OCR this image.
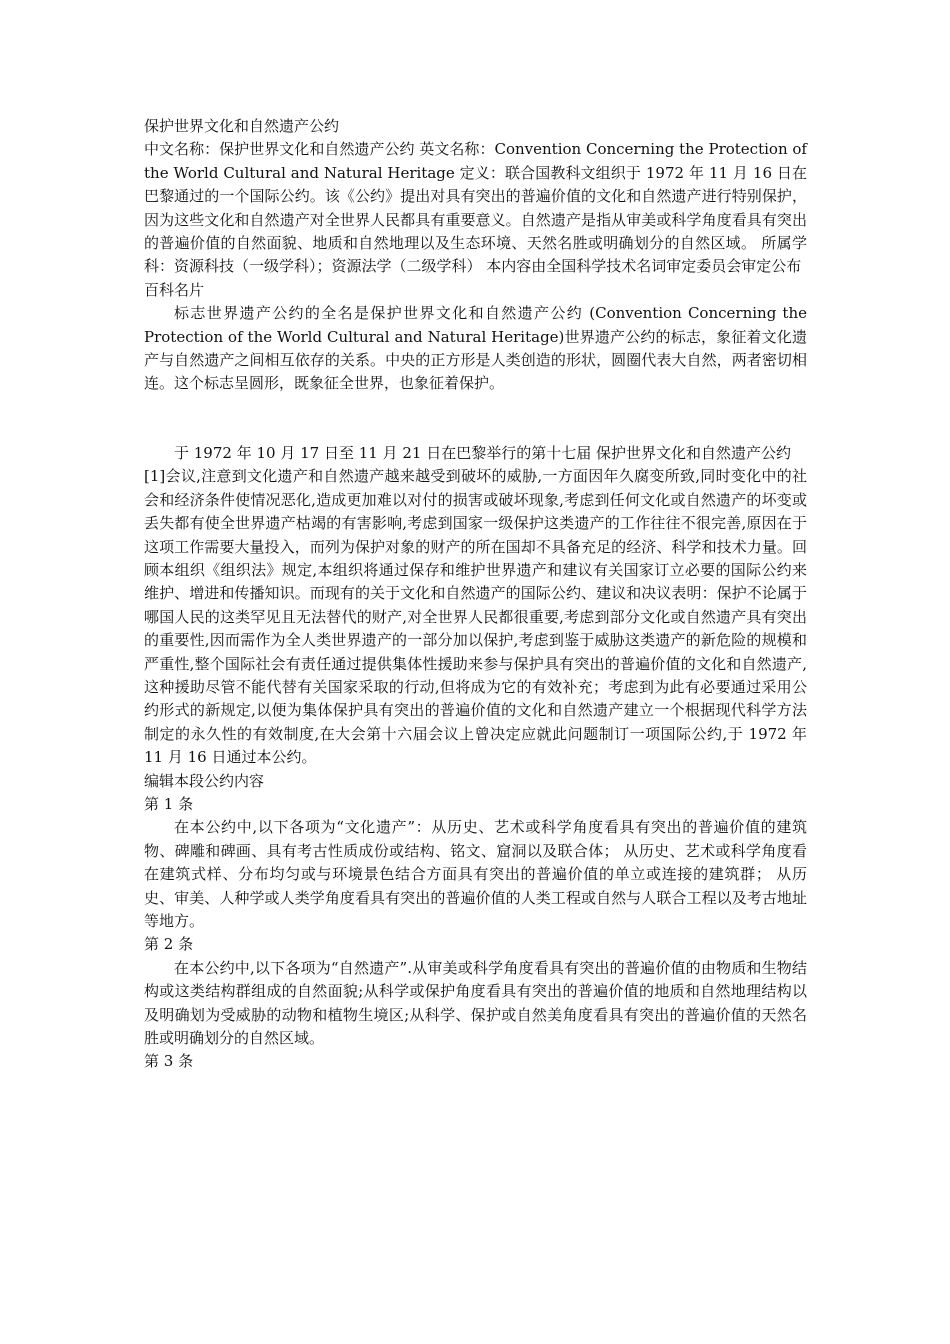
保护世界文化和自然遗产公约

中文名称：保护世界文化和自然遗产公约 英文名称：Convention Concerning the Protection of the World Cultural and Natural Heritage 定义：联合国教科文组织于 1972 年 11 月 16 日在巴黎通过的一个国际公约。该《公约》提出对具有突出的普遍价值的文化和自然遗产进行特别保护，因为这些文化和自然遗产对全世界人民都具有重要意义。自然遗产是指从审美或科学角度看具有突出的普遍价值的自然面貌、地质和自然地理以及生态环境、天然名胜或明确划分的自然区域。 所属学科：资源科技（一级学科）；资源法学（二级学科） 本内容由全国科学技术名词审定委员会审定公布

百科名片

标志世界遗产公约的全名是保护世界文化和自然遗产公约 (Convention Concerning the Protection of the World Cultural and Natural Heritage)世界遗产公约的标志，象征着文化遗产与自然遗产之间相互依存的关系。中央的正方形是人类创造的形状，圆圈代表大自然，两者密切相连。这个标志呈圆形，既象征全世界，也象征着保护。

于 1972 年 10 月 17 日至 11 月 21 日在巴黎举行的第十七届 保护世界文化和自然遗产公约

[1]会议,注意到文化遗产和自然遗产越来越受到破坏的威胁,一方面因年久腐变所致,同时变化中的社会和经济条件使情况恶化,造成更加难以对付的损害或破坏现象,考虑到任何文化或自然遗产的坏变或丢失都有使全世界遗产枯竭的有害影响,考虑到国家一级保护这类遗产的工作往往不很完善,原因在于这项工作需要大量投入，而列为保护对象的财产的所在国却不具备充足的经济、科学和技术力量。回顾本组织《组织法》规定,本组织将通过保存和维护世界遗产和建议有关国家订立必要的国际公约来维护、增进和传播知识。而现有的关于文化和自然遗产的国际公约、建议和决议表明：保护不论属于哪国人民的这类罕见且无法替代的财产,对全世界人民都很重要,考虑到部分文化或自然遗产具有突出的重要性,因而需作为全人类世界遗产的一部分加以保护,考虑到鉴于威胁这类遗产的新危险的规模和严重性,整个国际社会有责任通过提供集体性援助来参与保护具有突出的普遍价值的文化和自然遗产,这种援助尽管不能代替有关国家采取的行动,但将成为它的有效补充；考虑到为此有必要通过采用公约形式的新规定,以便为集体保护具有突出的普遍价值的文化和自然遗产建立一个根据现代科学方法制定的永久性的有效制度,在大会第十六届会议上曾决定应就此问题制订一项国际公约,于 1972 年 11 月 16 日通过本公约。

编辑本段公约内容

第 1 条

在本公约中,以下各项为“文化遗产”：从历史、艺术或科学角度看具有突出的普遍价值的建筑物、碑雕和碑画、具有考古性质成份或结构、铭文、窟洞以及联合体； 从历史、艺术或科学角度看在建筑式样、分布均匀或与环境景色结合方面具有突出的普遍价值的单立或连接的建筑群； 从历史、审美、人种学或人类学角度看具有突出的普遍价值的人类工程或自然与人联合工程以及考古地址等地方。

第 2 条

在本公约中,以下各项为“自然遗产”.从审美或科学角度看具有突出的普遍价值的由物质和生物结构或这类结构群组成的自然面貌;从科学或保护角度看具有突出的普遍价值的地质和自然地理结构以及明确划为受威胁的动物和植物生境区;从科学、保护或自然美角度看具有突出的普遍价值的天然名胜或明确划分的自然区域。

第 3 条
